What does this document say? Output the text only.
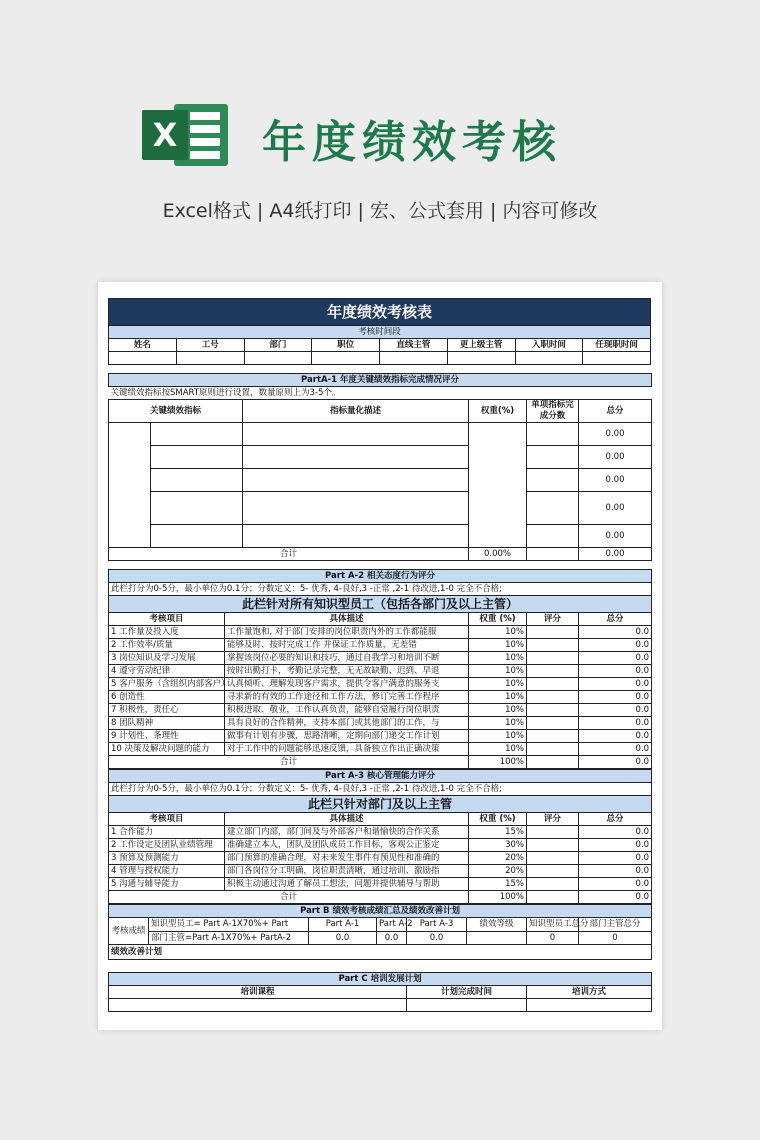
X 年度绩效考核
Excel格式 | A4纸打印 | 宏、公式套用 | 内容可修改
年度绩效考核表							
考核时间段							
姓名	工号	部门	职位	直线主管	更上级主管	入职时间	任现职时间

PartA-1 年度关键绩效指标完成情况评分					
关键绩效指标按SMART原则进行设置，数量原则上为3-5个。					
关键绩效指标		指标量化描述	权重(%)	单项指标完成分数	总分
					0.00
					0.00
					0.00
					0.00
					0.00
合计			0.00%		0.00

Part A-2 相关态度行为评分				
此栏打分为0-5分，最小单位为0.1分；分数定义：5- 优秀, 4-良好,3 -正常 ,2-1 待改进,1-0 完全不合格;				
此栏针对所有知识型员工（包括各部门及以上主管）				
考核项目	具体描述	权重 (%)	评分	总分
1 工作量及投入度	工作量饱和, 对于部门安排的岗位职责内外的工作都能服	10%		0.0
2 工作效率/质量	能够及时、按时完成工作 并保证工作质量，无差错	10%		0.0
3 岗位知识及学习发展	掌握该岗位必要的知识和技巧，通过自我学习和培训不断	10%		0.0
4 遵守劳动纪律	按时出勤打卡，考勤记录完整，无无故缺勤、迟到、早退	10%		0.0
5 客户服务（含组织内部客户）	认真倾听、理解发现客户需求，提供令客户满意的服务支	10%		0.0
6 创造性	寻求新的有效的工作途径和工作方法，修订完善工作程序	10%		0.0
7 积极性，责任心	积极进取、敬业，工作认真负责，能够自觉履行岗位职责	10%		0.0
8 团队精神	具有良好的合作精神，支持本部门或其他部门的工作，与	10%		0.0
9 计划性、条理性	做事有计划有步骤，思路清晰，定期向部门递交工作计划	10%		0.0
10 决策及解决问题的能力	对于工作中的问题能够迅速反馈，具备独立作出正确决策	10%		0.0
合计		100%		0.0
Part A-3 核心管理能力评分				
此栏打分为0-5分，最小单位为0.1分；分数定义：5- 优秀, 4-良好,3 -正常 ,2-1 待改进,1-0 完全不合格;				
此栏只针对部门及以上主管				
考核项目	具体描述	权重 (%)	评分	总分
1 合作能力	建立部门内部，部门间及与外部客户和谐愉快的合作关系	15%		0.0
2 工作设定及团队业绩管理	准确建立本人，团队及团队成员工作目标，客观公正鉴定	30%		0.0
3 预算及预测能力	部门预算的准确合理，对未来发生事件有预见性和准确的	20%		0.0
4 管理与授权能力	部门各岗位分工明确，岗位职责清晰，通过培训、激励指	20%		0.0
5 沟通与辅导能力	积极主动通过沟通了解员工想法，问题并提供辅导与帮助	15%		0.0
合计		100%		0.0
Part B 绩效考核成绩汇总及绩效改善计划							
考核成绩	知识型员工= Part A-1X70%+ Part	Part A-1	Part A-2	Part A-3	绩效等级	知识型员工总分	部门主管总分
	部门主管=Part A-1X70%+ PartA-2	0.0	0.0	0.0		0	0
绩效改善计划							

Part C 培训发展计划		
培训课程	计划完成时间	培训方式
